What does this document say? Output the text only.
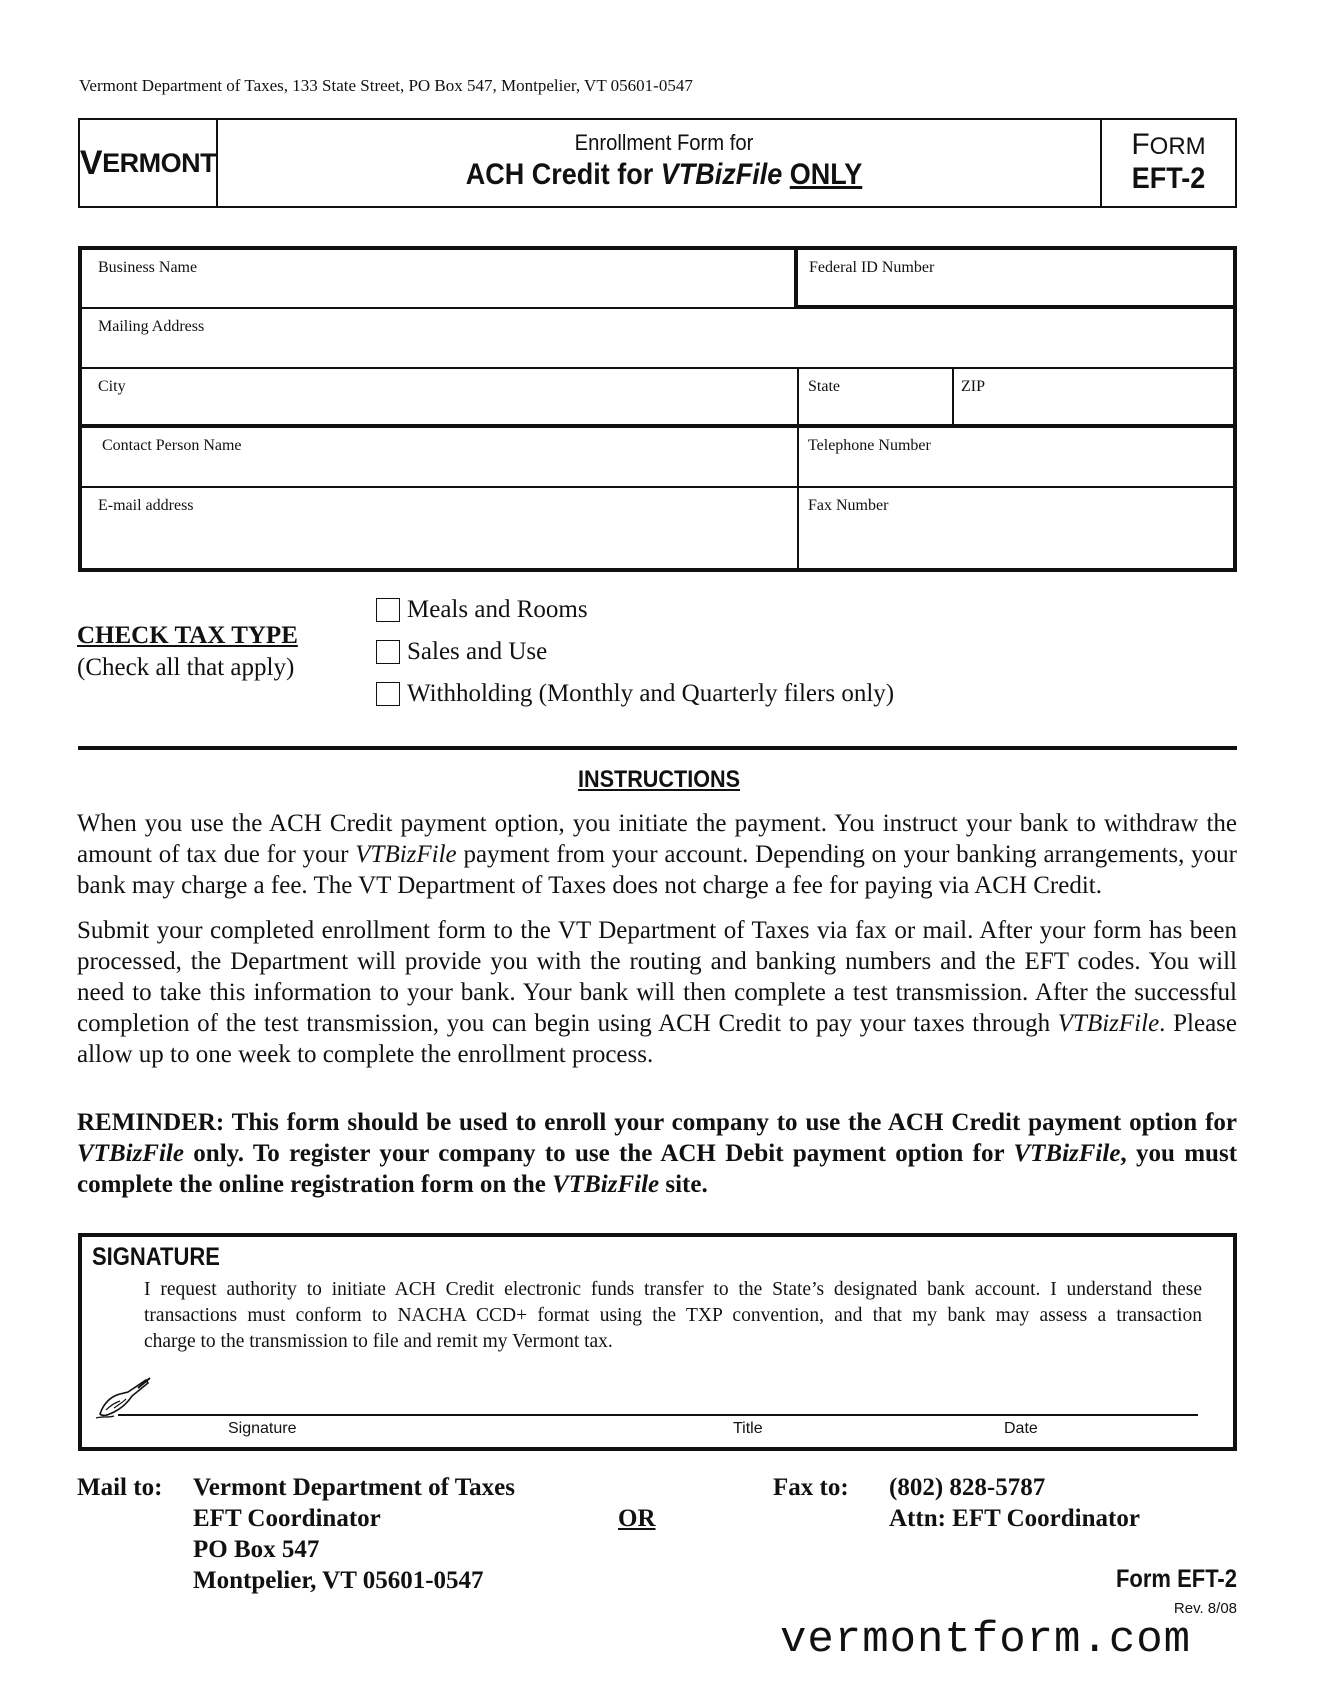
Vermont Department of Taxes, 133 State Street, PO Box 547, Montpelier, VT 05601-0547
V ERMONT
Enrollment Form for
ACH Credit for VTBizFile ONLY
FORM
EFT-2
Business Name	Federal ID Number
Mailing Address
City	State	ZIP
Contact Person Name	Telephone Number
E-mail address	Fax Number
CHECK TAX TYPE
(Check all that apply)
Meals and Rooms
Sales and Use
Withholding (Monthly and Quarterly filers only)
INSTRUCTIONS
When you use the ACH Credit payment option, you initiate the payment. You instruct your bank to withdraw the
amount of tax due for your VTBizFile payment from your account. Depending on your banking arrangements, your
bank may charge a fee. The VT Department of Taxes does not charge a fee for paying via ACH Credit.
Submit your completed enrollment form to the VT Department of Taxes via fax or mail. After your form has been
processed, the Department will provide you with the routing and banking numbers and the EFT codes. You will
need to take this information to your bank. Your bank will then complete a test transmission. After the successful
completion of the test transmission, you can begin using ACH Credit to pay your taxes through VTBizFile. Please
allow up to one week to complete the enrollment process.
REMINDER: This form should be used to enroll your company to use the ACH Credit payment option for
VTBizFile only. To register your company to use the ACH Debit payment option for VTBizFile, you must
complete the online registration form on the VTBizFile site.
SIGNATURE
I request authority to initiate ACH Credit electronic funds transfer to the State’s designated bank account. I understand these
transactions must conform to NACHA CCD+ format using the TXP convention, and that my bank may assess a transaction
charge to the transmission to file and remit my Vermont tax.
Signature	Title	Date
Mail to: Vermont Department of Taxes
EFT Coordinator
PO Box 547
Montpelier, VT 05601-0547
OR
Fax to: (802) 828-5787
Attn: EFT Coordinator
Form EFT-2
Rev. 8/08
vermontform.com
